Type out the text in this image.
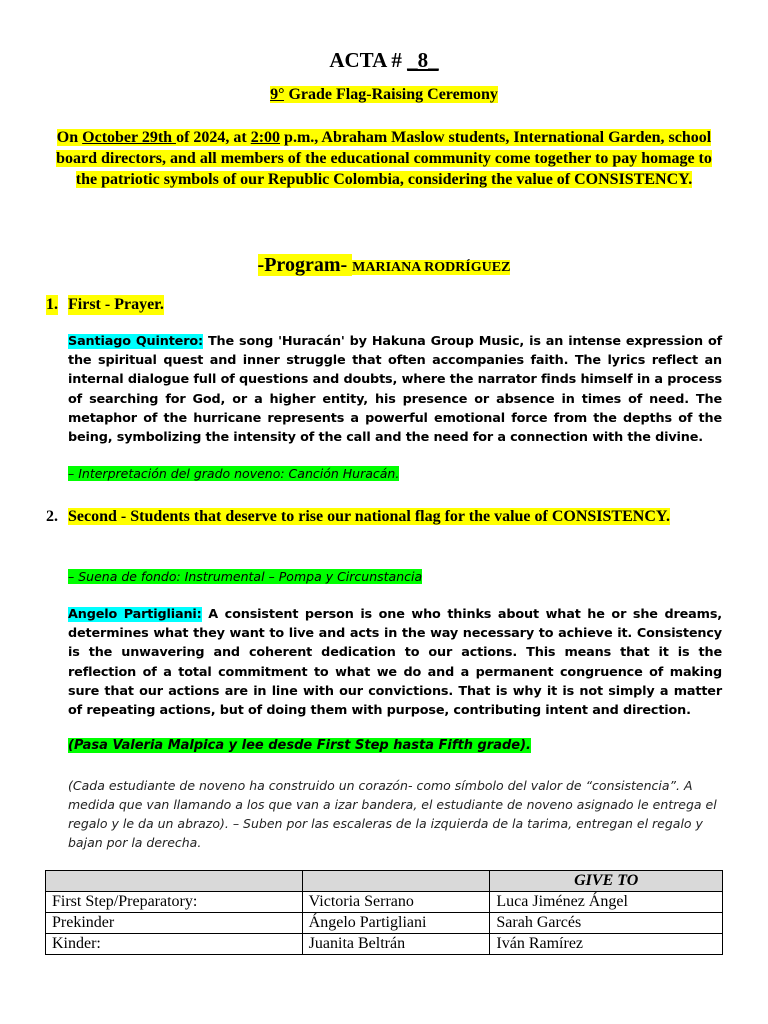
ACTA # _8_
9° Grade Flag-Raising Ceremony
On October 29th of 2024, at 2:00 p.m., Abraham Maslow students, International Garden, school board directors, and all members of the educational community come together to pay homage to the patriotic symbols of our Republic Colombia, considering the value of CONSISTENCY.
-Program- MARIANA RODRÍGUEZ
1. First - Prayer.
Santiago Quintero: The song 'Huracán' by Hakuna Group Music, is an intense expression of the spiritual quest and inner struggle that often accompanies faith. The lyrics reflect an internal dialogue full of questions and doubts, where the narrator finds himself in a process of searching for God, or a higher entity, his presence or absence in times of need. The metaphor of the hurricane represents a powerful emotional force from the depths of the being, symbolizing the intensity of the call and the need for a connection with the divine.
– Interpretación del grado noveno: Canción Huracán.
2. Second - Students that deserve to rise our national flag for the value of CONSISTENCY.
– Suena de fondo: Instrumental – Pompa y Circunstancia
Angelo Partigliani: A consistent person is one who thinks about what he or she dreams, determines what they want to live and acts in the way necessary to achieve it. Consistency is the unwavering and coherent dedication to our actions. This means that it is the reflection of a total commitment to what we do and a permanent congruence of making sure that our actions are in line with our convictions. That is why it is not simply a matter of repeating actions, but of doing them with purpose, contributing intent and direction.
(Pasa Valeria Malpica y lee desde First Step hasta Fifth grade).
(Cada estudiante de noveno ha construido un corazón- como símbolo del valor de “consistencia”. A medida que van llamando a los que van a izar bandera, el estudiante de noveno asignado le entrega el regalo y le da un abrazo). – Suben por las escaleras de la izquierda de la tarima, entregan el regalo y bajan por la derecha.
		GIVE TO
First Step/Preparatory:	Victoria Serrano	Luca Jiménez Ángel
Prekinder	Ángelo Partigliani	Sarah Garcés
Kinder:	Juanita Beltrán	Iván Ramírez
